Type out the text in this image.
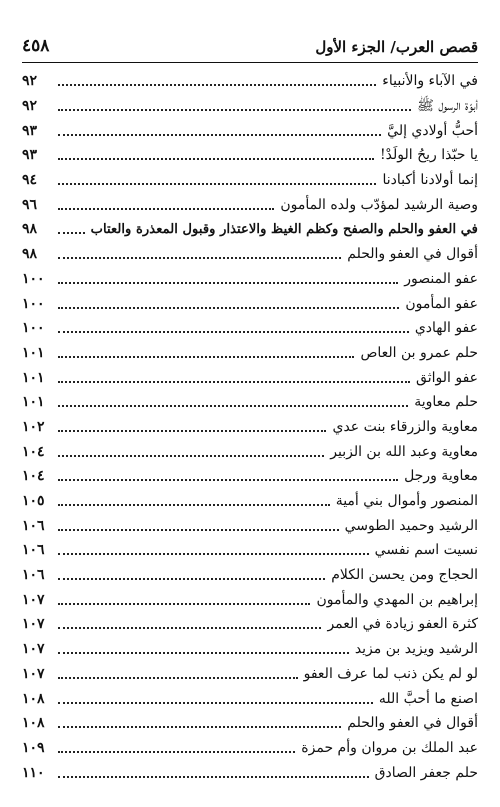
قصص العرب/ الجزء الأول
٤٥٨
في الآباء والأنبياء
٩٢
أبوّة الرسول ﷺ
٩٢
أحبُّ أولادي إليَّ
٩٣
يا حبّذا ريحُ الولَدْ!
٩٣
إنما أولادنا أكبادنا
٩٤
وصية الرشيد لمؤدّب ولده المأمون
٩٦
في العفو والحلم والصفح وكظم الغيظ والاعتذار وقبول المعذرة والعتاب
٩٨
أقوال في العفو والحلم
٩٨
عفو المنصور
١٠٠
عفو المأمون
١٠٠
عفو الهادي
١٠٠
حلم عمرو بن العاص
١٠١
عفو الواثق
١٠١
حلم معاوية
١٠١
معاوية والزرقاء بنت عدي
١٠٢
معاوية وعبد الله بن الزبير
١٠٤
معاوية ورجل
١٠٤
المنصور وأموال بني أمية
١٠٥
الرشيد وحميد الطوسي
١٠٦
نسيت اسم نفسي
١٠٦
الحجاج ومن يحسن الكلام
١٠٦
إبراهيم بن المهدي والمأمون
١٠٧
كثرة العفو زيادة في العمر
١٠٧
الرشيد ويزيد بن مزيد
١٠٧
لو لم يكن ذنب لما عرف العفو
١٠٧
اصنع ما أحبَّ الله
١٠٨
أقوال في العفو والحلم
١٠٨
عبد الملك بن مروان وأم حمزة
١٠٩
حلم جعفر الصادق
١١٠
